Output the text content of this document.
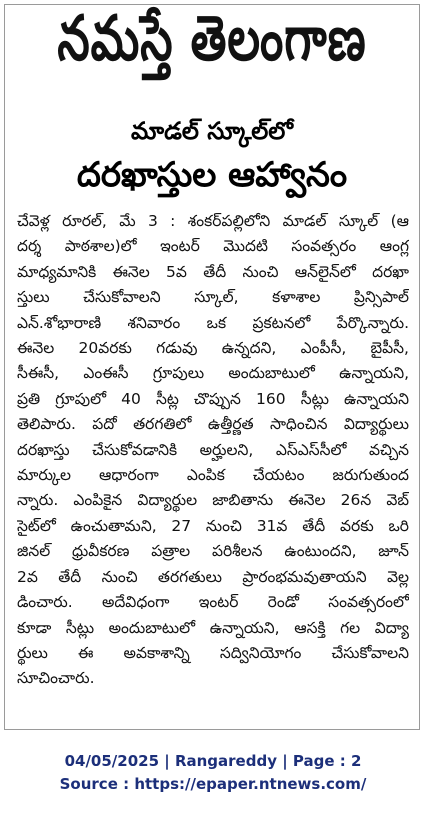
నమస్తే తెలంగాణ
మాడల్ స్కూల్‌లో
దరఖాస్తుల ఆహ్వానం
చేవెళ్ల రూరల్, మే 3 : శంకర్‌పల్లిలోని మాడల్ స్కూల్ (ఆ
దర్శ పాఠశాల)లో ఇంటర్ మొదటి సంవత్సరం ఆంగ్ల
మాధ్యమానికి ఈనెల 5వ తేదీ నుంచి ఆన్‌లైన్‌లో దరఖా
స్తులు చేసుకోవాలని స్కూల్, కళాశాల ప్రిన్సిపాల్
ఎన్.శోభారాణి శనివారం ఒక ప్రకటనలో పేర్కొన్నారు.
ఈనెల 20వరకు గడువు ఉన్నదని, ఎంపీసీ, బైపీసీ,
సీఈసీ, ఎంఈసీ గ్రూపులు అందుబాటులో ఉన్నాయని,
ప్రతి గ్రూపులో 40 సీట్ల చొప్పున 160 సీట్లు ఉన్నాయని
తెలిపారు. పదో తరగతిలో ఉత్తీర్ణత సాధించిన విద్యార్థులు
దరఖాస్తు చేసుకోవడానికి అర్హులని, ఎస్‌ఎస్‌సీలో వచ్చిన
మార్కుల ఆధారంగా ఎంపిక చేయటం జరుగుతుంద
న్నారు. ఎంపికైన విద్యార్థుల జాబితాను ఈనెల 26న వెబ్
సైట్‌లో ఉంచుతామని, 27 నుంచి 31వ తేదీ వరకు ఒరి
జినల్ ధ్రువీకరణ పత్రాల పరిశీలన ఉంటుందని, జూన్
2వ తేదీ నుంచి తరగతులు ప్రారంభమవుతాయని వెల్ల
డించారు. అదేవిధంగా ఇంటర్ రెండో సంవత్సరంలో
కూడా సీట్లు అందుబాటులో ఉన్నాయని, ఆసక్తి గల విద్యా
ర్థులు ఈ అవకాశాన్ని సద్వినియోగం చేసుకోవాలని
సూచించారు.
04/05/2025 | Rangareddy | Page : 2
Source : https://epaper.ntnews.com/
